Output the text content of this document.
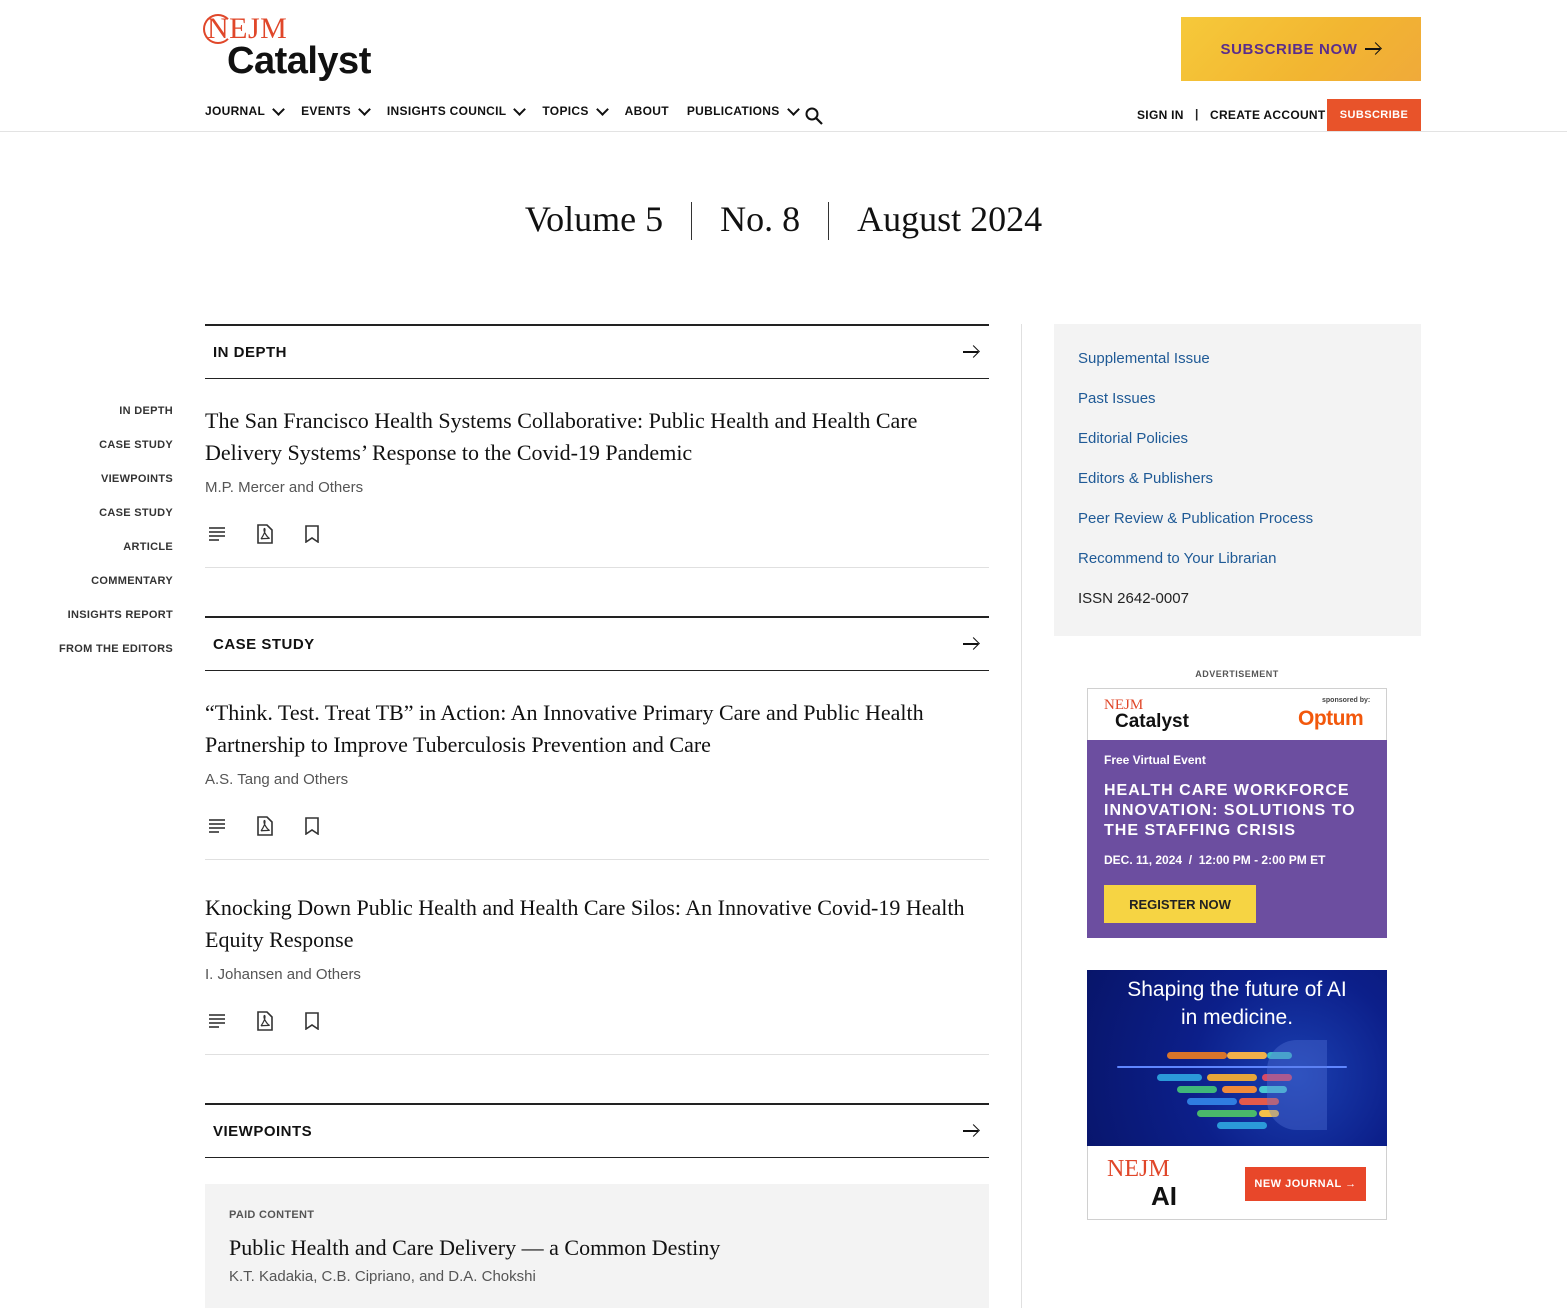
NEJM
Catalyst	SUBSCRIBE NOW
JOURNAL	EVENTS	INSIGHTS COUNCIL	TOPICS	ABOUT PUBLICATIONS	SIGN IN | CREATE ACCOUNT	SUBSCRIBE
Volume 5 No. 8 August 2024
IN DEPTH
CASE STUDY
VIEWPOINTS
CASE STUDY
ARTICLE
COMMENTARY
INSIGHTS REPORT
FROM THE EDITORS
IN DEPTH
The San Francisco Health Systems Collaborative: Public Health and Health Care Delivery Systems’ Response to the Covid-19 Pandemic
M.P. Mercer and Others
CASE STUDY
“Think. Test. Treat TB” in Action: An Innovative Primary Care and Public Health Partnership to Improve Tuberculosis Prevention and Care
A.S. Tang and Others
Knocking Down Public Health and Health Care Silos: An Innovative Covid-19 Health Equity Response
I. Johansen and Others
VIEWPOINTS
PAID CONTENT
Public Health and Care Delivery — a Common Destiny
K.T. Kadakia, C.B. Cipriano, and D.A. Chokshi
Supplemental Issue
Past Issues
Editorial Policies
Editors & Publishers
Peer Review & Publication Process
Recommend to Your Librarian
ISSN 2642-0007
ADVERTISEMENT
NEJM
Catalyst
sponsored by:
Optum
Free Virtual Event
HEALTH CARE WORKFORCE INNOVATION: SOLUTIONS TO THE STAFFING CRISIS
DEC. 11, 2024  /  12:00 PM - 2:00 PM ET
REGISTER NOW
Shaping the future of AI in medicine.
NEJM
AI	NEW JOURNAL →
